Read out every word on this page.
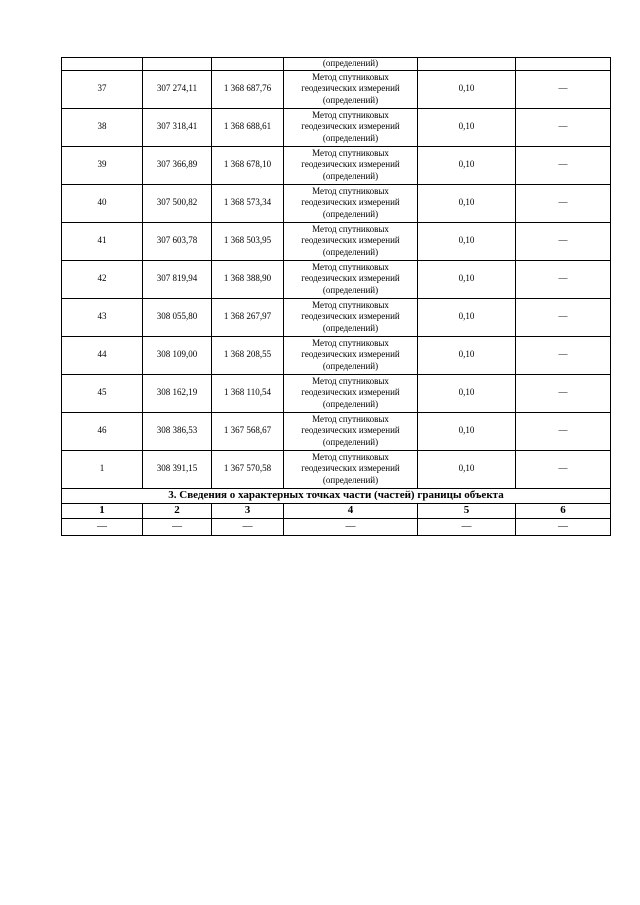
			(определений)		
37	307 274,11	1 368 687,76	Метод спутниковых
геодезических измерений
(определений)	0,10	—
38	307 318,41	1 368 688,61	Метод спутниковых
геодезических измерений
(определений)	0,10	—
39	307 366,89	1 368 678,10	Метод спутниковых
геодезических измерений
(определений)	0,10	—
40	307 500,82	1 368 573,34	Метод спутниковых
геодезических измерений
(определений)	0,10	—
41	307 603,78	1 368 503,95	Метод спутниковых
геодезических измерений
(определений)	0,10	—
42	307 819,94	1 368 388,90	Метод спутниковых
геодезических измерений
(определений)	0,10	—
43	308 055,80	1 368 267,97	Метод спутниковых
геодезических измерений
(определений)	0,10	—
44	308 109,00	1 368 208,55	Метод спутниковых
геодезических измерений
(определений)	0,10	—
45	308 162,19	1 368 110,54	Метод спутниковых
геодезических измерений
(определений)	0,10	—
46	308 386,53	1 367 568,67	Метод спутниковых
геодезических измерений
(определений)	0,10	—
1	308 391,15	1 367 570,58	Метод спутниковых
геодезических измерений
(определений)	0,10	—
3. Сведения о характерных точках части (частей) границы объекта					
1	2	3	4	5	6
—	—	—	—	—	—
